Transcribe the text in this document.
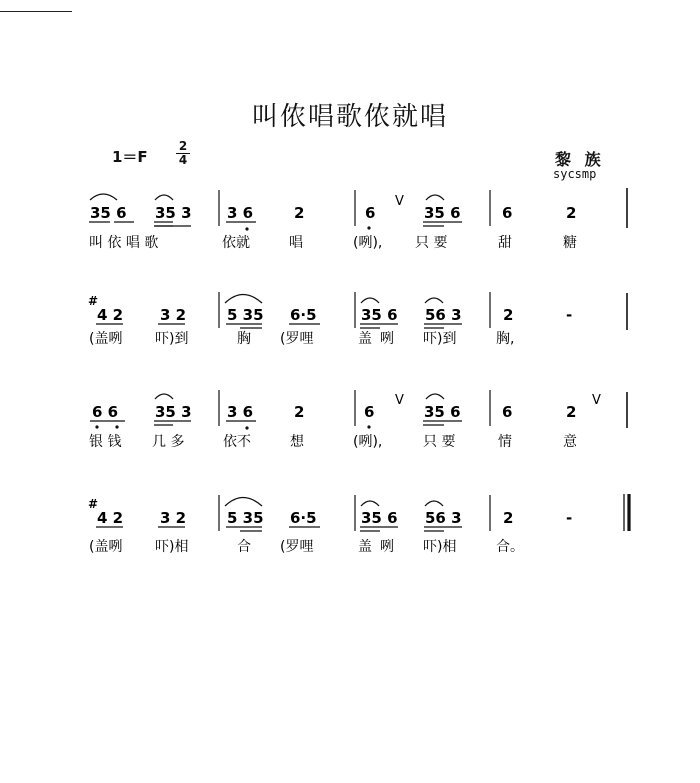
叫侬唱歌侬就唱
1＝F
2
4	黎 族
sycsmp
35 6 35 3 3 6	2	6
V
35 6	6	2
叫 依 唱 歌	依就	唱	(咧), 只 要	甜	糖
#
4 2 3 2	5 35 6·5	35 6 56 3	2	-
(盖咧 吓)到	胸 (罗哩	盖 咧 吓)到	胸,
6 6 35 3 3 6	2	6
V
35 6	6	2
V
银 钱 几 多	依不	想	(咧),	只 要	情	意
#
4 2 3 2	5 35 6·5	35 6 56 3	2	-
(盖咧 吓)相	合 (罗哩	盖 咧 吓)相	合。
